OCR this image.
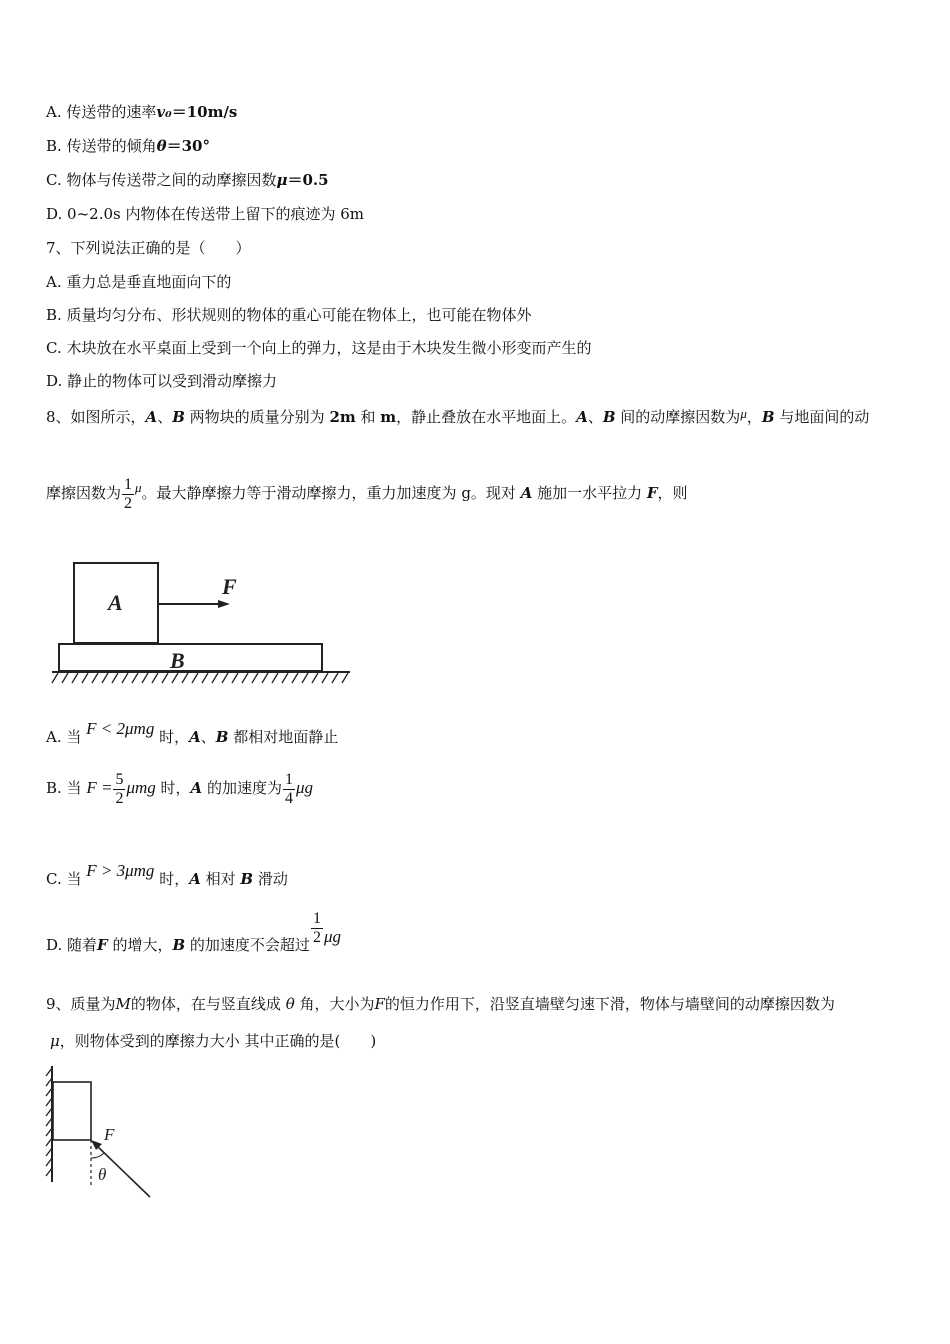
A. 传送带的速率v₀＝10m/s
B. 传送带的倾角θ＝30°
C. 物体与传送带之间的动摩擦因数μ＝0.5
D. 0~2.0s 内物体在传送带上留下的痕迹为 6m
7、下列说法正确的是（　　）
A. 重力总是垂直地面向下的
B. 质量均匀分布、形状规则的物体的重心可能在物体上，也可能在物体外
C. 木块放在水平桌面上受到一个向上的弹力，这是由于木块发生微小形变而产生的
D. 静止的物体可以受到滑动摩擦力
8、如图所示，A、B 两物块的质量分别为 2m 和 m，静止叠放在水平地面上。A、B 间的动摩擦因数为μ，B 与地面间的动
摩擦因数为 $\frac{1}{2}$ μ。最大静摩擦力等于滑动摩擦力，重力加速度为 g。现对 A 施加一水平拉力 F，则
A
B
F
A. 当 F < 2μmg 时，A、B 都相对地面静止
B. 当 $F = \frac{5}{2}$ μmg 时，A 的加速度为 $\frac{1}{4}$ μg
C. 当 F > 3μmg 时，A 相对 B 滑动
D. 随着F 的增大，B 的加速度不会超过 $\frac{1}{2}$ μg
9、质量为M的物体，在与竖直线成 θ 角，大小为F的恒力作用下，沿竖直墙壁匀速下滑，物体与墙壁间的动摩擦因数为
μ，则物体受到的摩擦力大小 其中正确的是(　　)
F
θ
